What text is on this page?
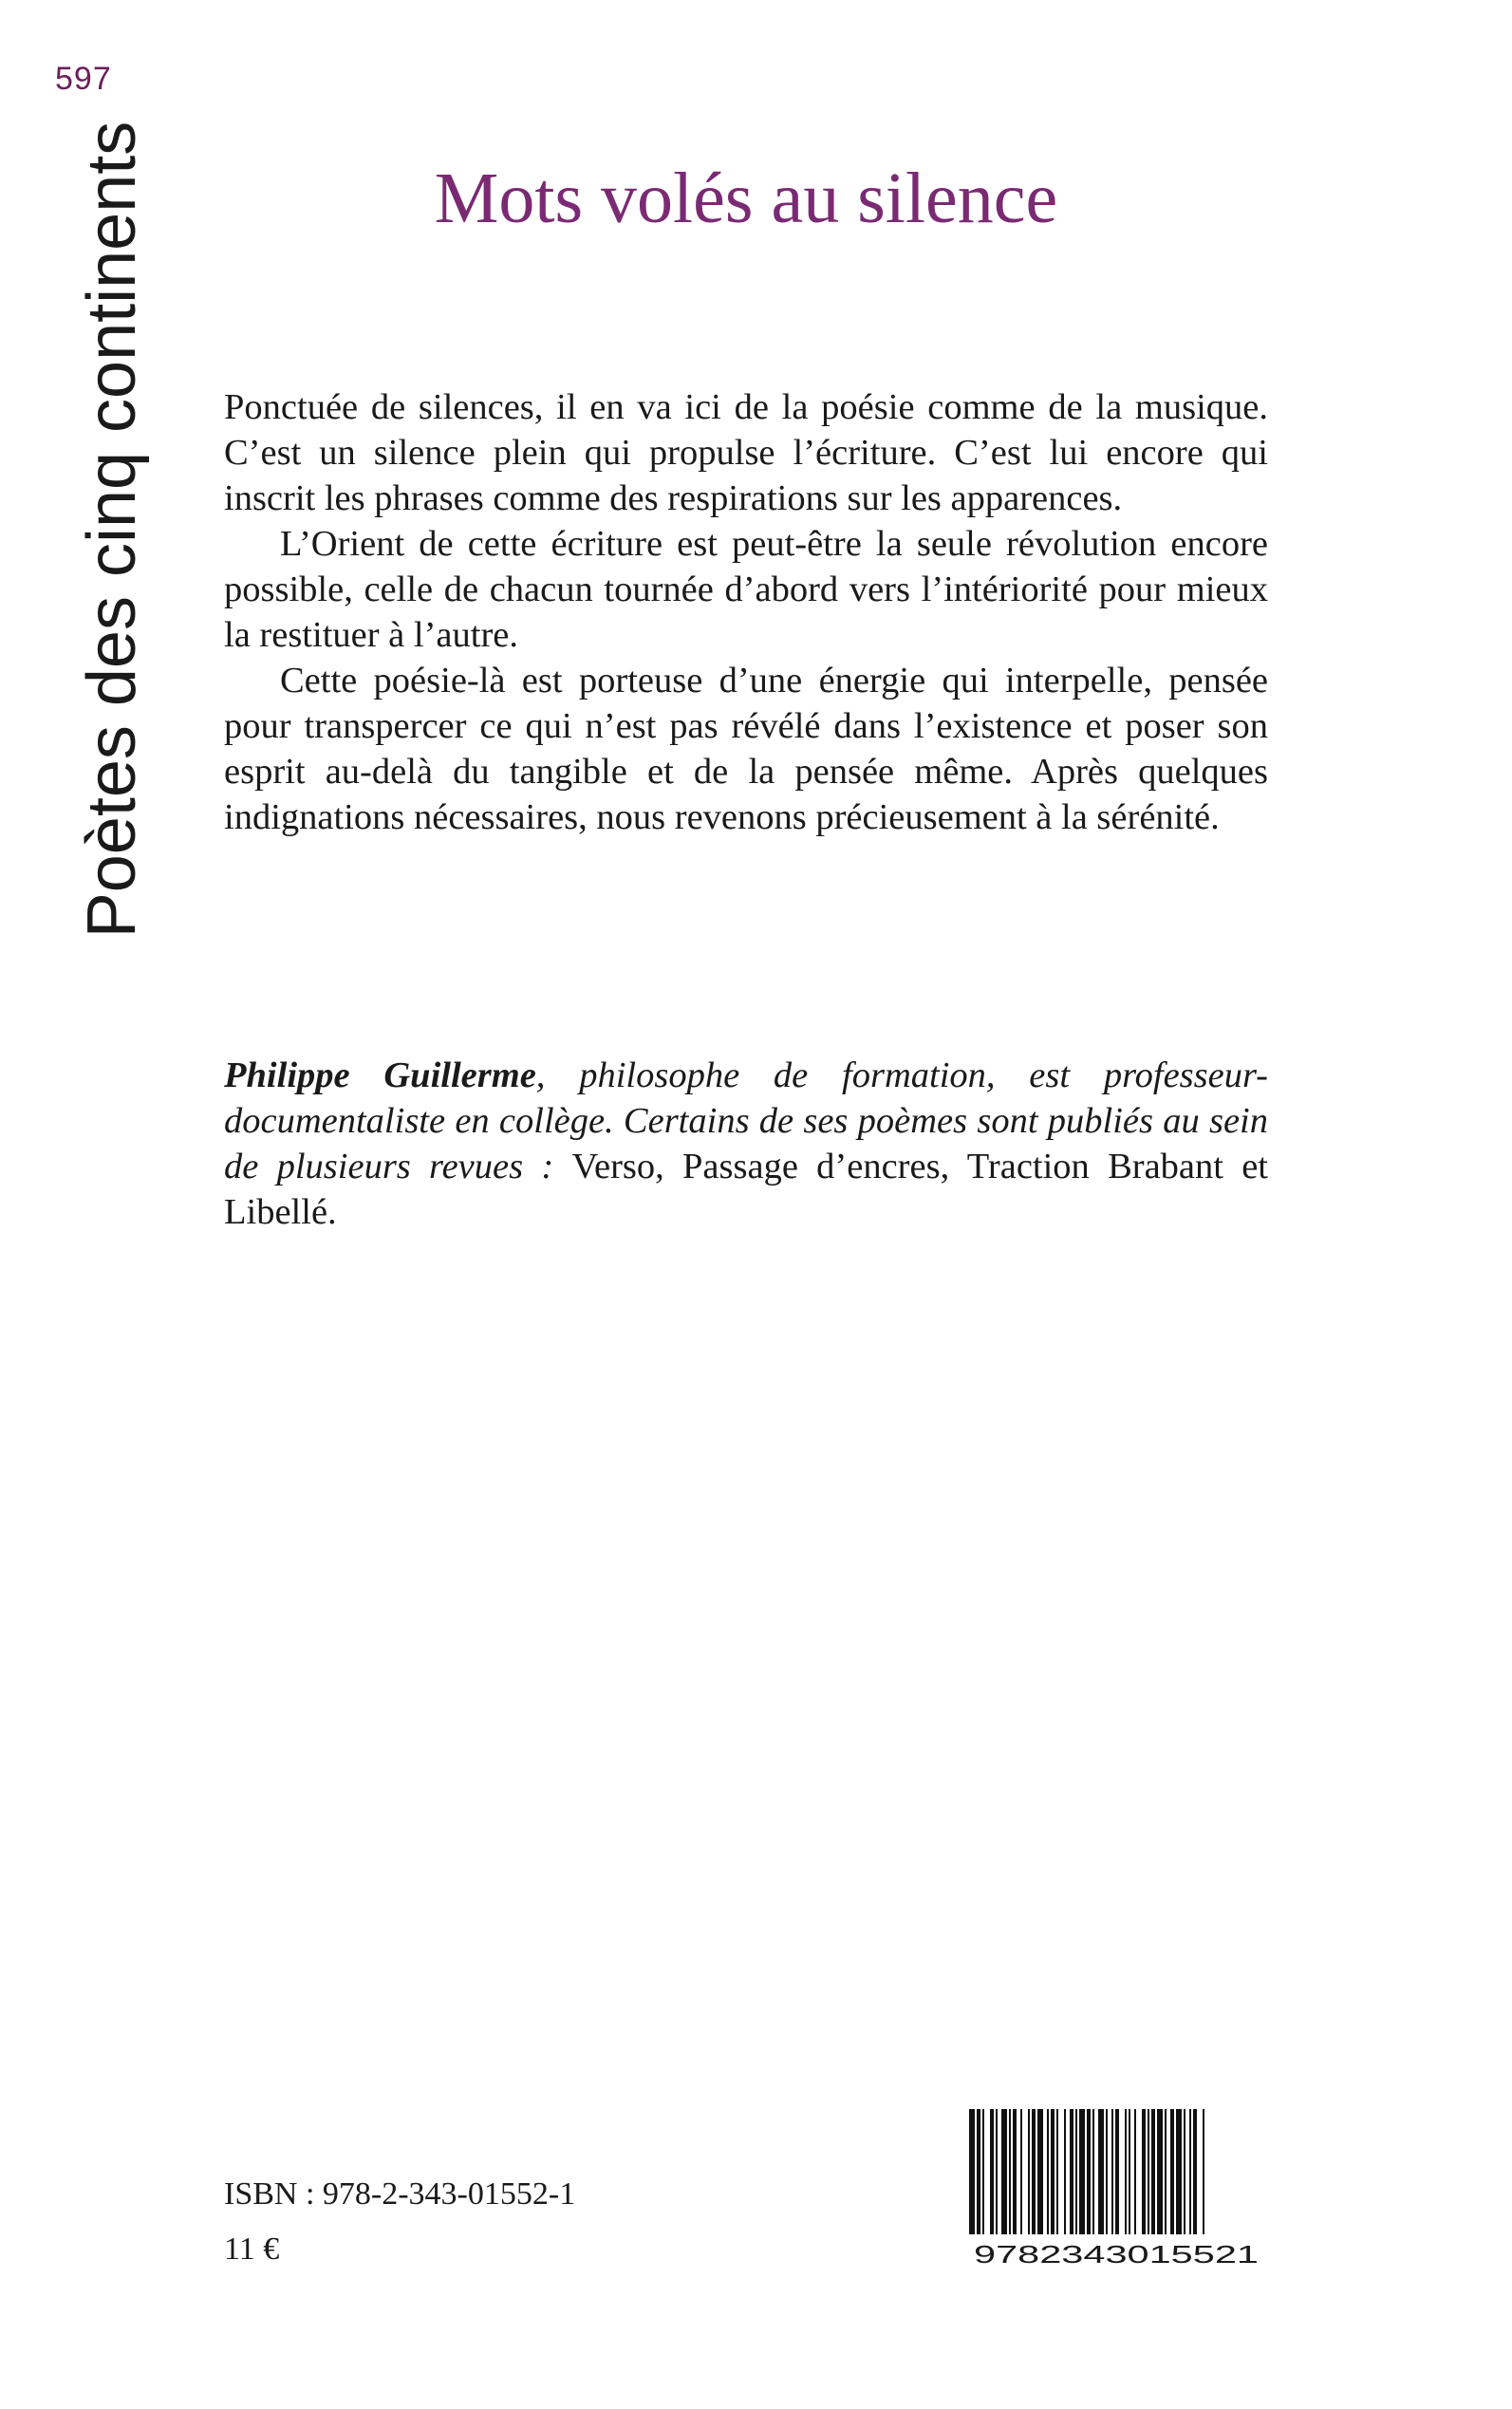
597
Poètes des cinq continents	Mots volés au silence

Ponctuée de silences, il en va ici de la poésie comme de la musique. C’est un silence plein qui propulse l’écriture. C’est lui encore qui inscrit les phrases comme des respirations sur les apparences.

L’Orient de cette écriture est peut-être la seule révolution encore possible, celle de chacun tournée d’abord vers l’intériorité pour mieux la restituer à l’autre.

Cette poésie-là est porteuse d’une énergie qui interpelle, pensée pour transpercer ce qui n’est pas révélé dans l’existence et poser son esprit au-delà du tangible et de la pensée même. Après quelques indignations nécessaires, nous revenons précieusement à la sérénité.

Philippe Guillerme, philosophe de formation, est professeur-documentaliste en collège. Certains de ses poèmes sont publiés au sein de plusieurs revues : Verso, Passage d’encres, Traction Brabant et Libellé.
ISBN : 978-2-343-01552-1
11 €	9782343015521
